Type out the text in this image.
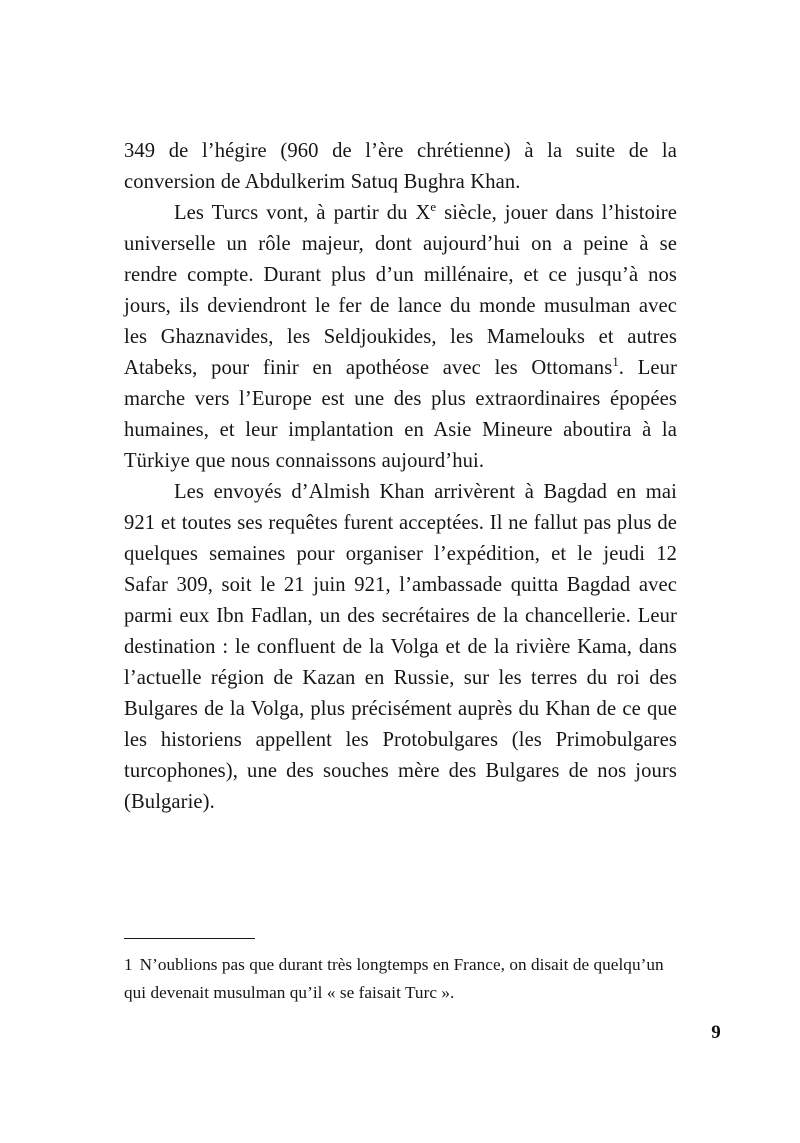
349 de l’hégire (960 de l’ère chrétienne) à la suite de la conversion de Abdulkerim Satuq Bughra Khan.

Les Turcs vont, à partir du Xe siècle, jouer dans l’histoire universelle un rôle majeur, dont aujourd’hui on a peine à se rendre compte. Durant plus d’un millénaire, et ce jusqu’à nos jours, ils deviendront le fer de lance du monde musulman avec les Ghaznavides, les Seldjoukides, les Mamelouks et autres Atabeks, pour finir en apothéose avec les Ottomans$^1$. Leur marche vers l’Europe est une des plus extraordinaires épopées humaines, et leur implantation en Asie Mineure aboutira à la Türkiye que nous connaissons aujourd’hui.

Les envoyés d’Almish Khan arrivèrent à Bagdad en mai 921 et toutes ses requêtes furent acceptées. Il ne fallut pas plus de quelques semaines pour organiser l’expédition, et le jeudi 12 Safar 309, soit le 21 juin 921, l’ambassade quitta Bagdad avec parmi eux Ibn Fadlan, un des secrétaires de la chancellerie. Leur destination : le confluent de la Volga et de la rivière Kama, dans l’actuelle région de Kazan en Russie, sur les terres du roi des Bulgares de la Volga, plus précisément auprès du Khan de ce que les historiens appellent les Protobulgares (les Primobulgares turcophones), une des souches mère des Bulgares de nos jours (Bulgarie).

1 N’oublions pas que durant très longtemps en France, on disait de quelqu’un qui devenait musulman qu’il « se faisait Turc ».

9
